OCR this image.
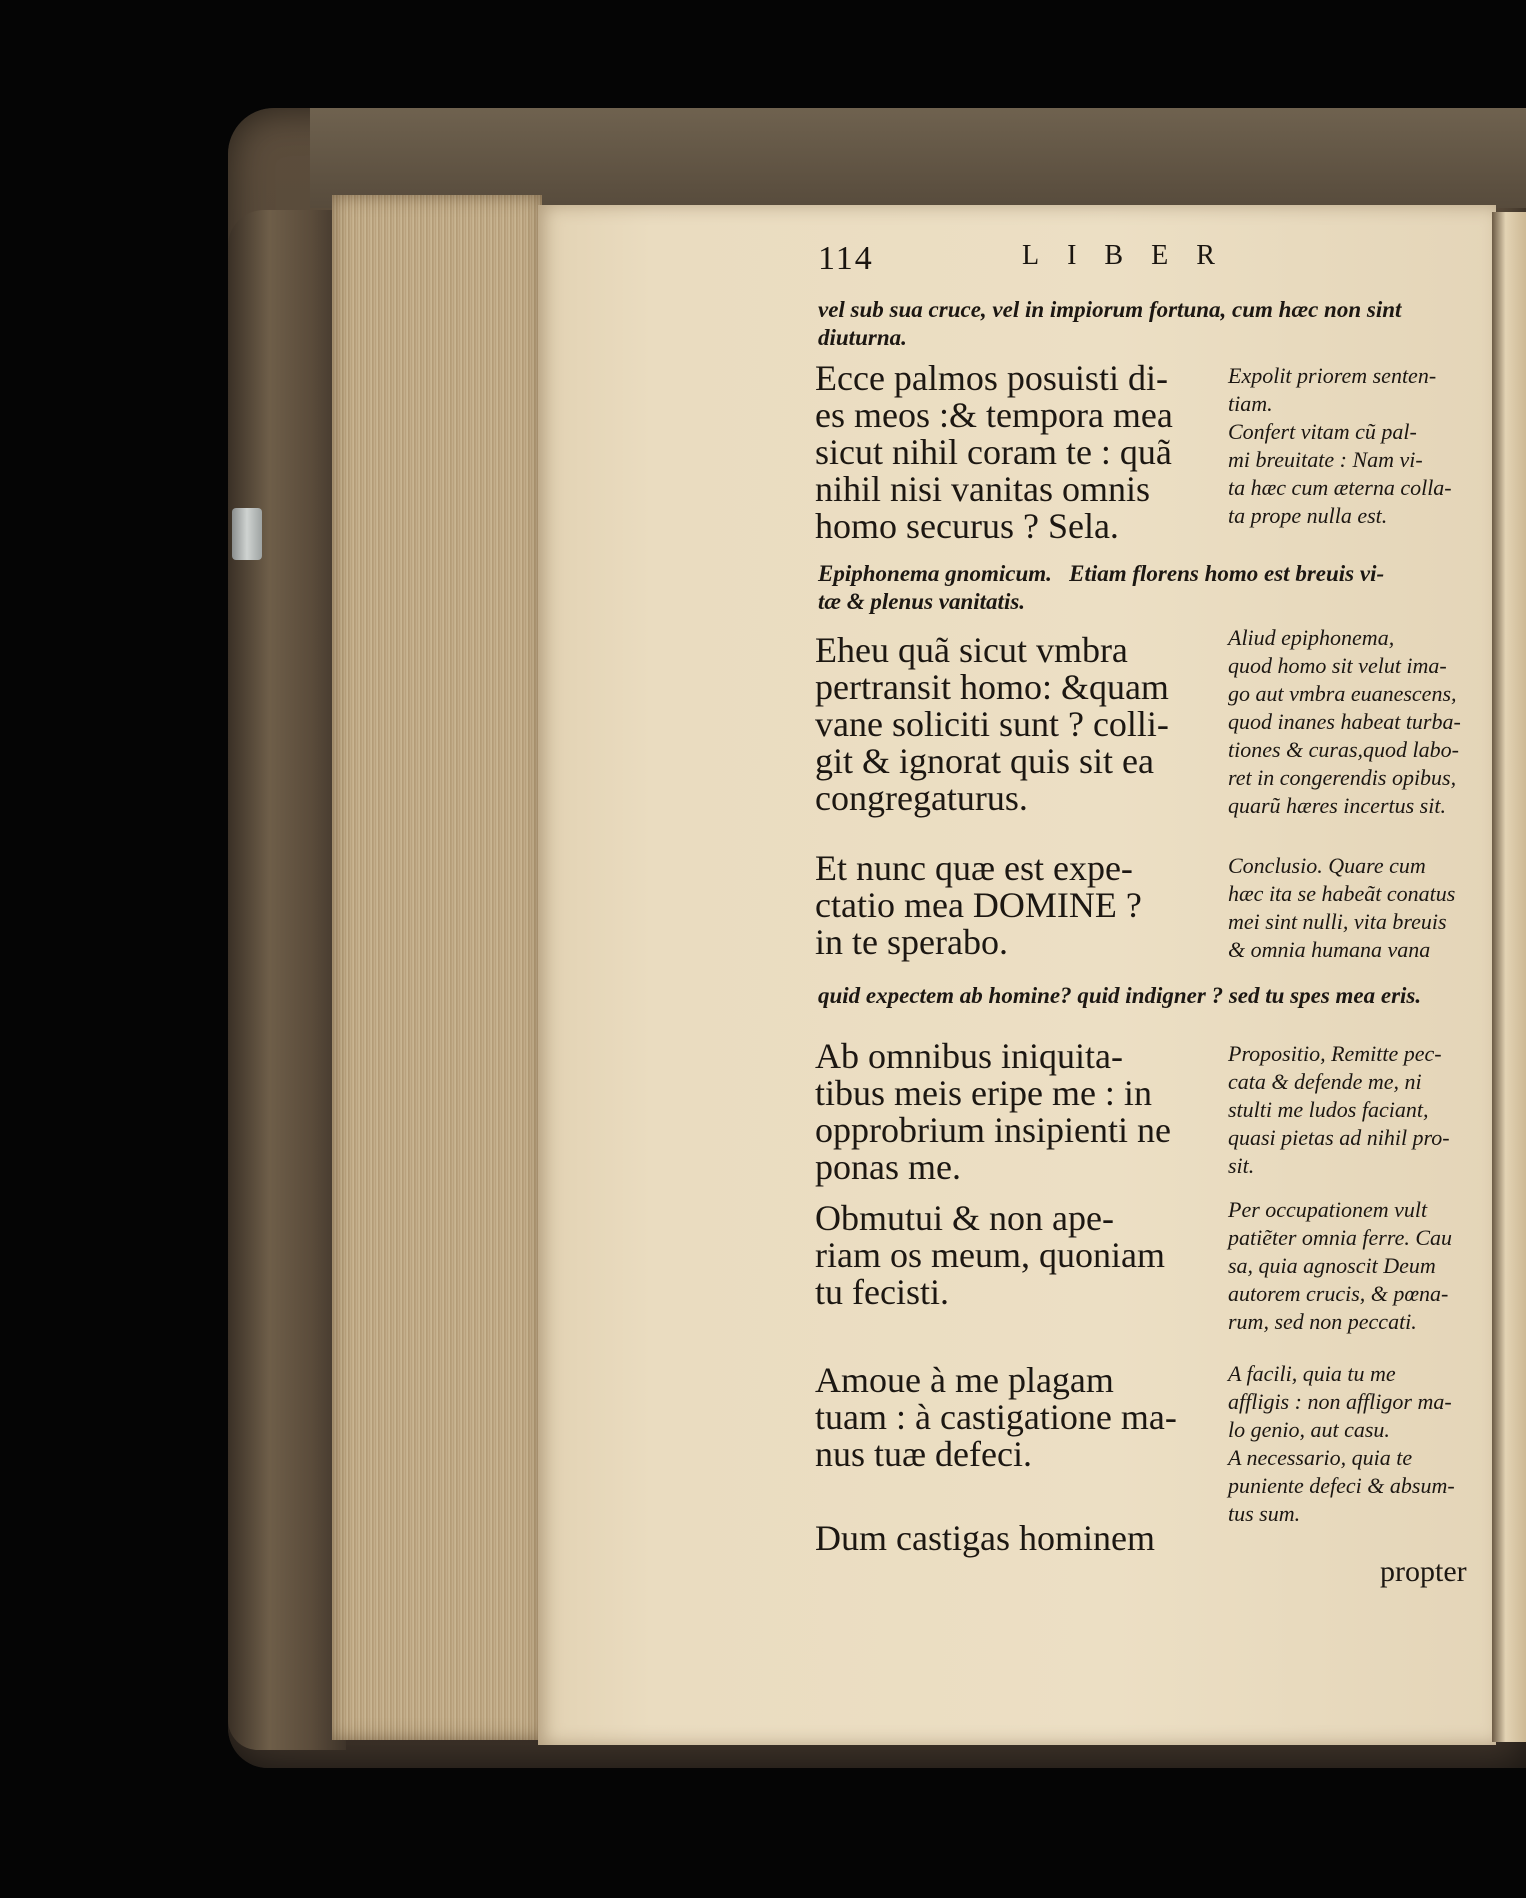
114	LIBER
vel sub sua cruce, vel in impiorum fortuna, cum hæc non sint
diuturna.
Ecce palmos posuisti di-
es meos :& tempora mea
sicut nihil coram te : quã
nihil nisi vanitas omnis
homo securus ? Sela.
Expolit priorem senten-
tiam.
Confert vitam cũ pal-
mi breuitate : Nam vi-
ta hæc cum æterna colla-
ta prope nulla est.
Epiphonema gnomicum.   Etiam florens homo est breuis vi-
tæ & plenus vanitatis.
Eheu quã sicut vmbra
pertransit homo: &quam
vane soliciti sunt ? colli-
git & ignorat quis sit ea
congregaturus.
Aliud epiphonema,
quod homo sit velut ima-
go aut vmbra euanescens,
quod inanes habeat turba-
tiones & curas,quod labo-
ret in congerendis opibus,
quarũ hæres incertus sit.
Et nunc quæ est expe-
ctatio mea DOMINE ?
in te sperabo.
Conclusio. Quare cum
hæc ita se habeãt conatus
mei sint nulli, vita breuis
& omnia humana vana
quid expectem ab homine? quid indigner ? sed tu spes mea eris.
Ab omnibus iniquita-
tibus meis eripe me : in
opprobrium insipienti ne
ponas me.
Propositio, Remitte pec-
cata & defende me, ni
stulti me ludos faciant,
quasi pietas ad nihil pro-
sit.
Obmutui & non ape-
riam os meum, quoniam
tu fecisti.
Per occupationem vult
patiẽter omnia ferre. Cau
sa, quia agnoscit Deum
autorem crucis, & pœna-
rum, sed non peccati.
Amoue à me plagam
tuam : à castigatione ma-
nus tuæ defeci.
A facili, quia tu me
affligis : non affligor ma-
lo genio, aut casu.
A necessario, quia te
puniente defeci & absum-
tus sum.
Dum castigas hominem
propter
